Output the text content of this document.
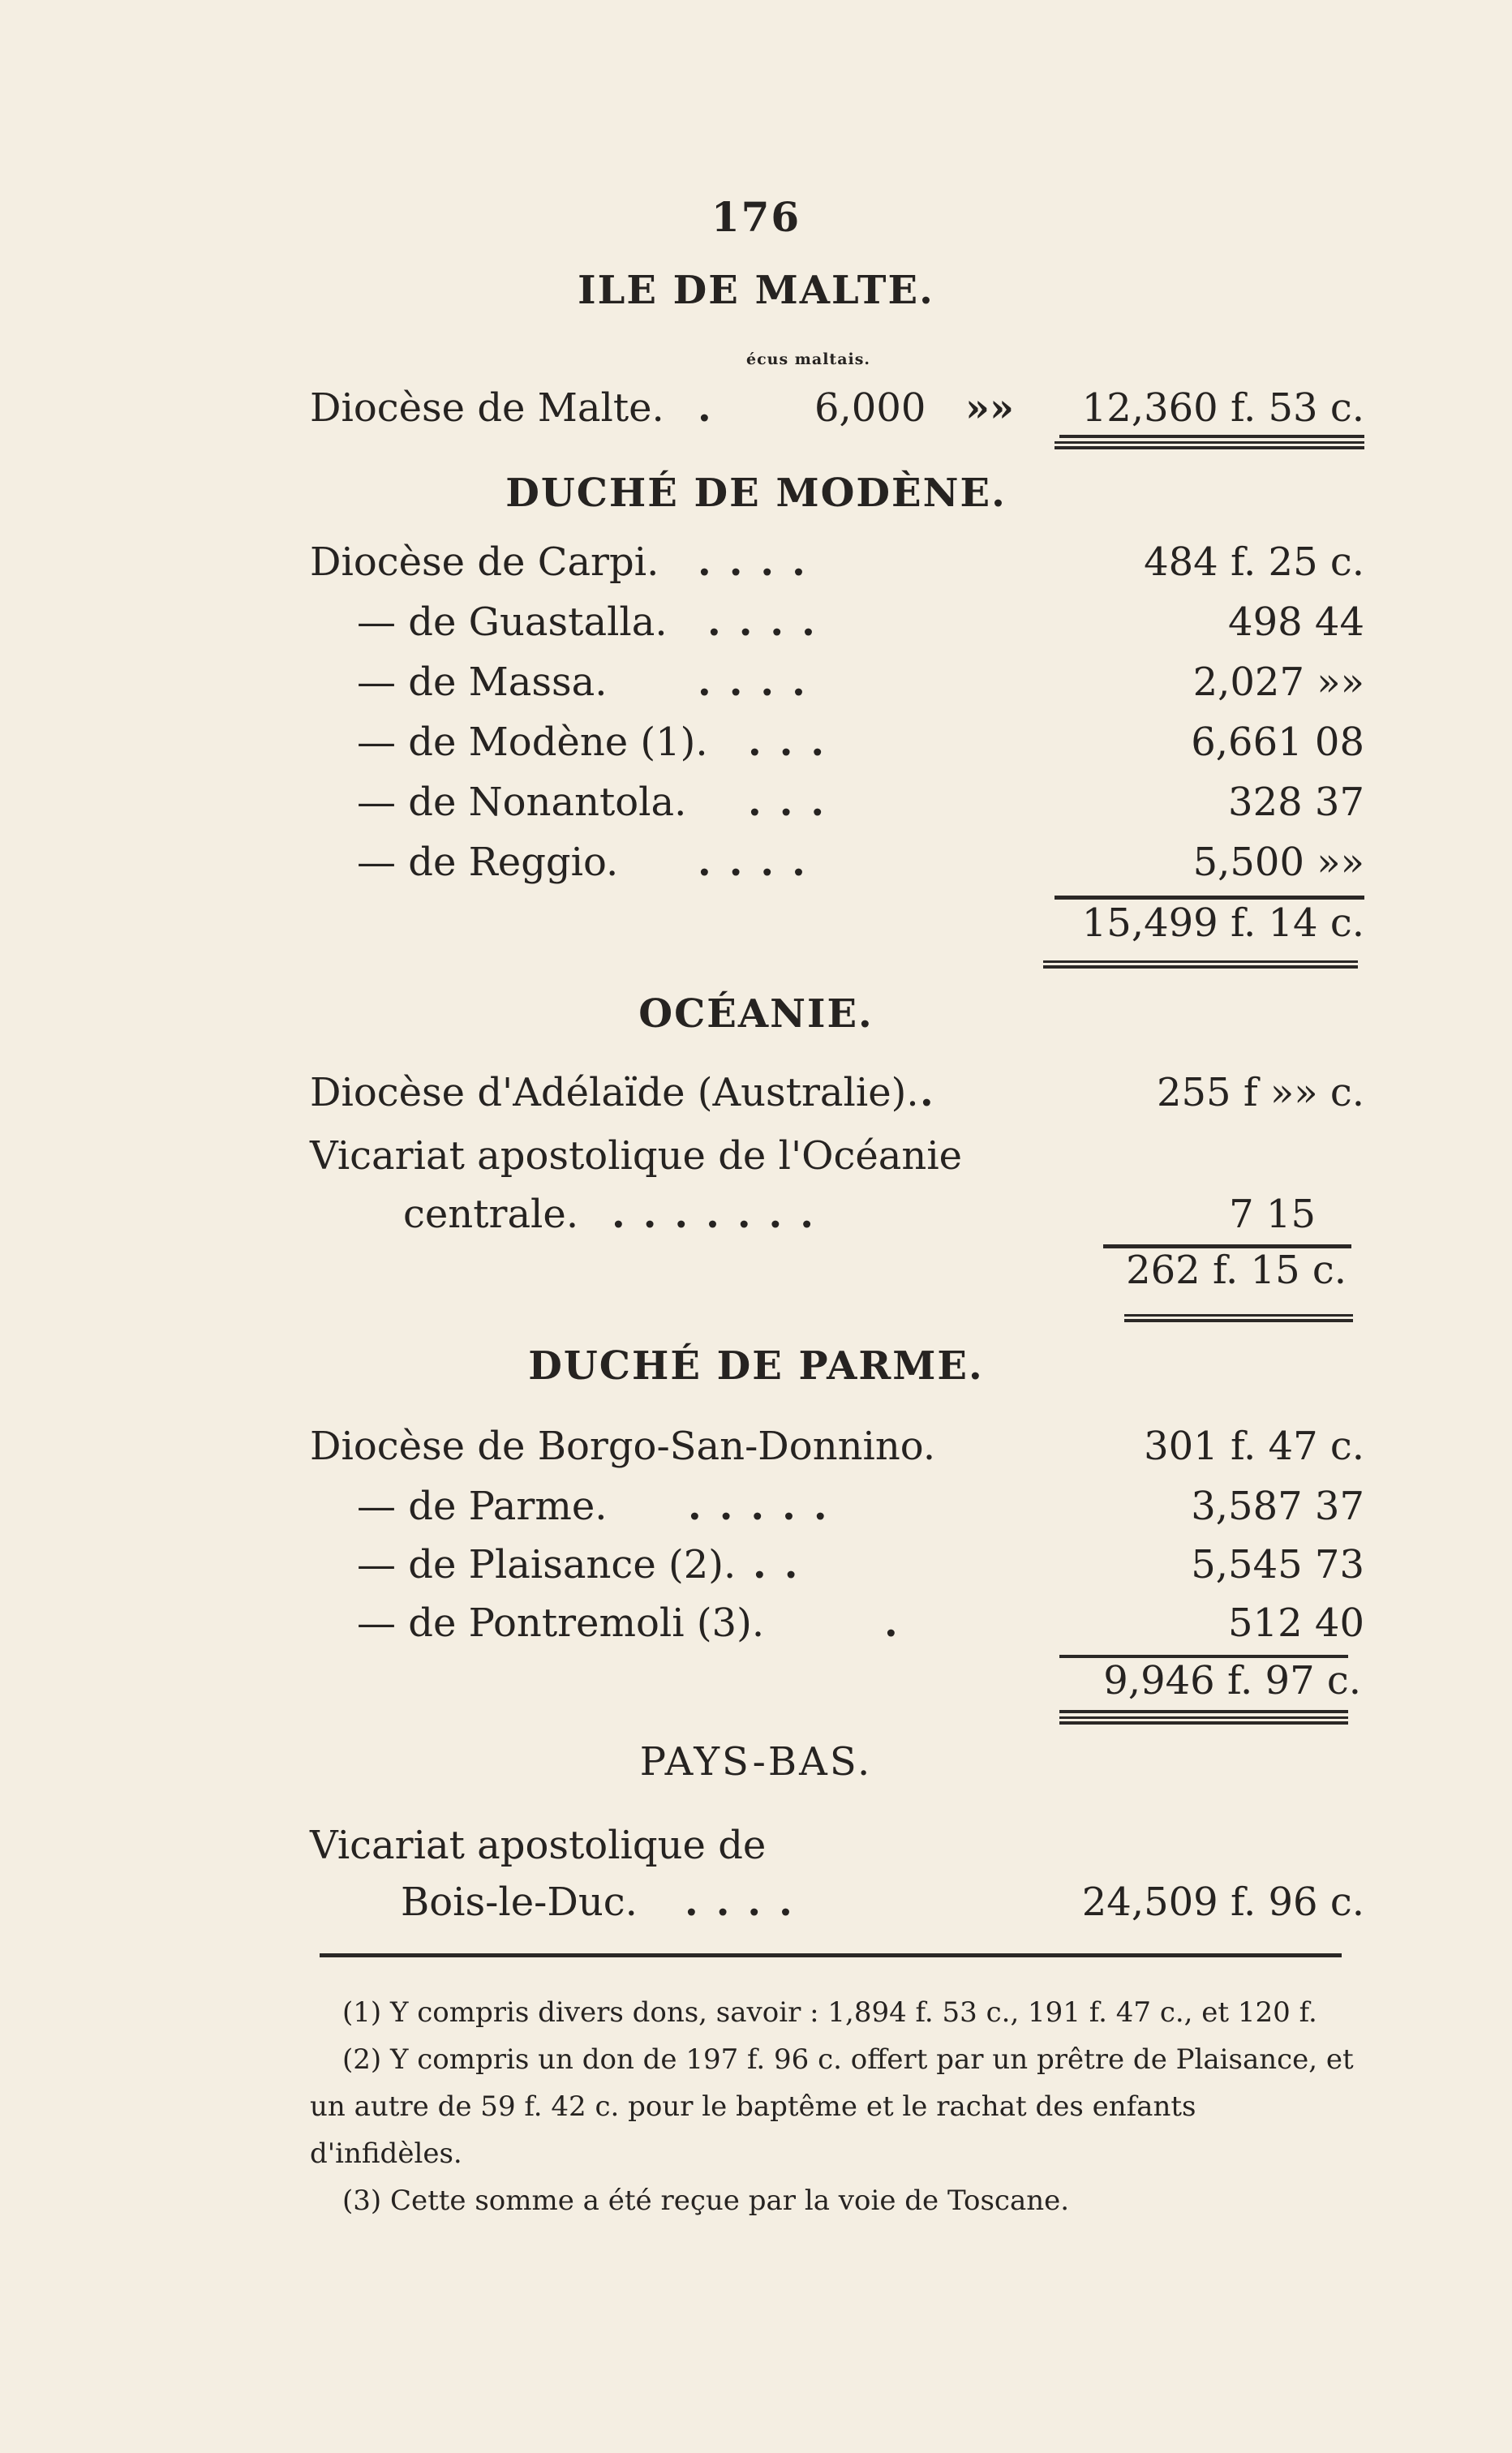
176
ILE DE MALTE.
écus maltais.
Diocèse de Malte. . 6,000 »»	12,360 f. 53 c.
DUCHÉ DE MODÈNE.
Diocèse de Carpi. ....	484 f. 25 c.
— de Guastalla. ....	498 44
— de Massa. ....	2,027 »»
— de Modène (1). ...	6,661 08
— de Nonantola. ...	328 37
— de Reggio. ....	5,500 »»
15,499 f. 14 c.
OCÉANIE.
Diocèse d'Adélaïde (Australie). .	255 f »» c.
Vicariat apostolique de l'Océanie
centrale. .......	7 15
262 f. 15 c.
DUCHÉ DE PARME.
Diocèse de Borgo-San-Donnino.	301 f. 47 c.
— de Parme. .....	3,587 37
— de Plaisance (2). ..	5,545 73
— de Pontremoli (3).	.	512 40
9,946 f. 97 c.
PAYS-BAS.
Vicariat apostolique de
Bois-le-Duc. ....	24,509 f. 96 c.

(1) Y compris divers dons, savoir : 1,894 f. 53 c., 191 f. 47 c., et 120 f.

(2) Y compris un don de 197 f. 96 c. offert par un prêtre de Plaisance, et un autre de 59 f. 42 c. pour le baptême et le rachat des enfants d'infidèles.

(3) Cette somme a été reçue par la voie de Toscane.
